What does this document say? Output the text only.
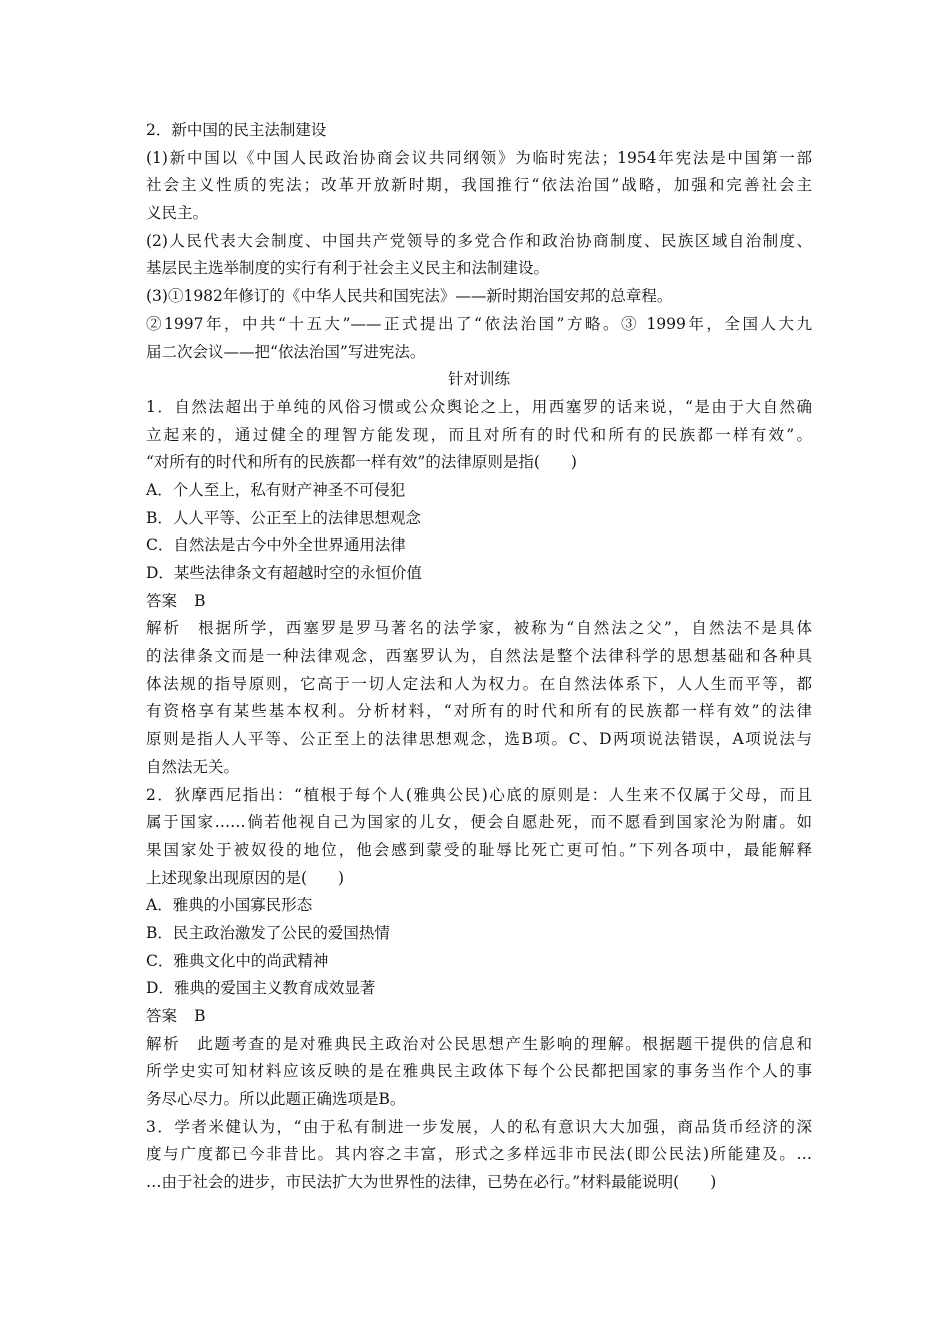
2．新中国的民主法制建设
(1)新中国以《中国人民政治协商会议共同纲领》为临时宪法；1954年宪法是中国第一部
社会主义性质的宪法；改革开放新时期，我国推行“依法治国”战略，加强和完善社会主
义民主。
(2)人民代表大会制度、中国共产党领导的多党合作和政治协商制度、民族区域自治制度、
基层民主选举制度的实行有利于社会主义民主和法制建设。
(3)①1982年修订的《中华人民共和国宪法》——新时期治国安邦的总章程。
②1997年，中共“十五大”——正式提出了“依法治国”方略。③ 1999年，全国人大九
届二次会议——把“依法治国”写进宪法。
针对训练
1．自然法超出于单纯的风俗习惯或公众舆论之上，用西塞罗的话来说，“是由于大自然确
立起来的，通过健全的理智方能发现，而且对所有的时代和所有的民族都一样有效”。
“对所有的时代和所有的民族都一样有效”的法律原则是指(　　)
A．个人至上，私有财产神圣不可侵犯
B．人人平等、公正至上的法律思想观念
C．自然法是古今中外全世界通用法律
D．某些法律条文有超越时空的永恒价值
答案 B
解析 根据所学，西塞罗是罗马著名的法学家，被称为“自然法之父”，自然法不是具体
的法律条文而是一种法律观念，西塞罗认为，自然法是整个法律科学的思想基础和各种具
体法规的指导原则，它高于一切人定法和人为权力。在自然法体系下，人人生而平等，都
有资格享有某些基本权利。分析材料，“对所有的时代和所有的民族都一样有效”的法律
原则是指人人平等、公正至上的法律思想观念，选B项。C、D两项说法错误，A项说法与
自然法无关。
2．狄摩西尼指出：“植根于每个人(雅典公民)心底的原则是：人生来不仅属于父母，而且
属于国家……倘若他视自己为国家的儿女，便会自愿赴死，而不愿看到国家沦为附庸。如
果国家处于被奴役的地位，他会感到蒙受的耻辱比死亡更可怕。”下列各项中，最能解释
上述现象出现原因的是(　　)
A．雅典的小国寡民形态
B．民主政治激发了公民的爱国热情
C．雅典文化中的尚武精神
D．雅典的爱国主义教育成效显著
答案 B
解析 此题考查的是对雅典民主政治对公民思想产生影响的理解。根据题干提供的信息和
所学史实可知材料应该反映的是在雅典民主政体下每个公民都把国家的事务当作个人的事
务尽心尽力。所以此题正确选项是B。
3．学者米健认为，“由于私有制进一步发展，人的私有意识大大加强，商品货币经济的深
度与广度都已今非昔比。其内容之丰富，形式之多样远非市民法(即公民法)所能建及。…
…由于社会的进步，市民法扩大为世界性的法律，已势在必行。”材料最能说明(　　)
